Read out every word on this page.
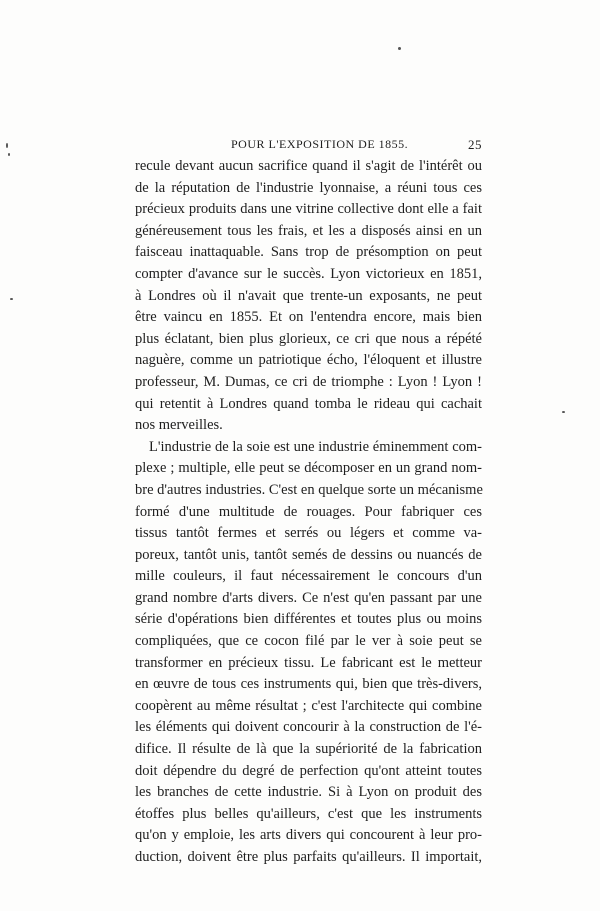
POUR L'EXPOSITION DE 1855.	25
recule devant aucun sacrifice quand il s'agit de l'intérêt ou
de la réputation de l'industrie lyonnaise, a réuni tous ces
précieux produits dans une vitrine collective dont elle a fait
généreusement tous les frais, et les a disposés ainsi en un
faisceau inattaquable. Sans trop de présomption on peut
compter d'avance sur le succès. Lyon victorieux en 1851,
à Londres où il n'avait que trente-un exposants, ne peut
être vaincu en 1855. Et on l'entendra encore, mais bien
plus éclatant, bien plus glorieux, ce cri que nous a répété
naguère, comme un patriotique écho, l'éloquent et illustre
professeur, M. Dumas, ce cri de triomphe : Lyon ! Lyon !
qui retentit à Londres quand tomba le rideau qui cachait
nos merveilles.
L'industrie de la soie est une industrie éminemment com-
plexe ; multiple, elle peut se décomposer en un grand nom-
bre d'autres industries. C'est en quelque sorte un mécanisme
formé d'une multitude de rouages. Pour fabriquer ces
tissus tantôt fermes et serrés ou légers et comme va-
poreux, tantôt unis, tantôt semés de dessins ou nuancés de
mille couleurs, il faut nécessairement le concours d'un
grand nombre d'arts divers. Ce n'est qu'en passant par une
série d'opérations bien différentes et toutes plus ou moins
compliquées, que ce cocon filé par le ver à soie peut se
transformer en précieux tissu. Le fabricant est le metteur
en œuvre de tous ces instruments qui, bien que très-divers,
coopèrent au même résultat ; c'est l'architecte qui combine
les éléments qui doivent concourir à la construction de l'é-
difice. Il résulte de là que la supériorité de la fabrication
doit dépendre du degré de perfection qu'ont atteint toutes
les branches de cette industrie. Si à Lyon on produit des
étoffes plus belles qu'ailleurs, c'est que les instruments
qu'on y emploie, les arts divers qui concourent à leur pro-
duction, doivent être plus parfaits qu'ailleurs. Il importait,
